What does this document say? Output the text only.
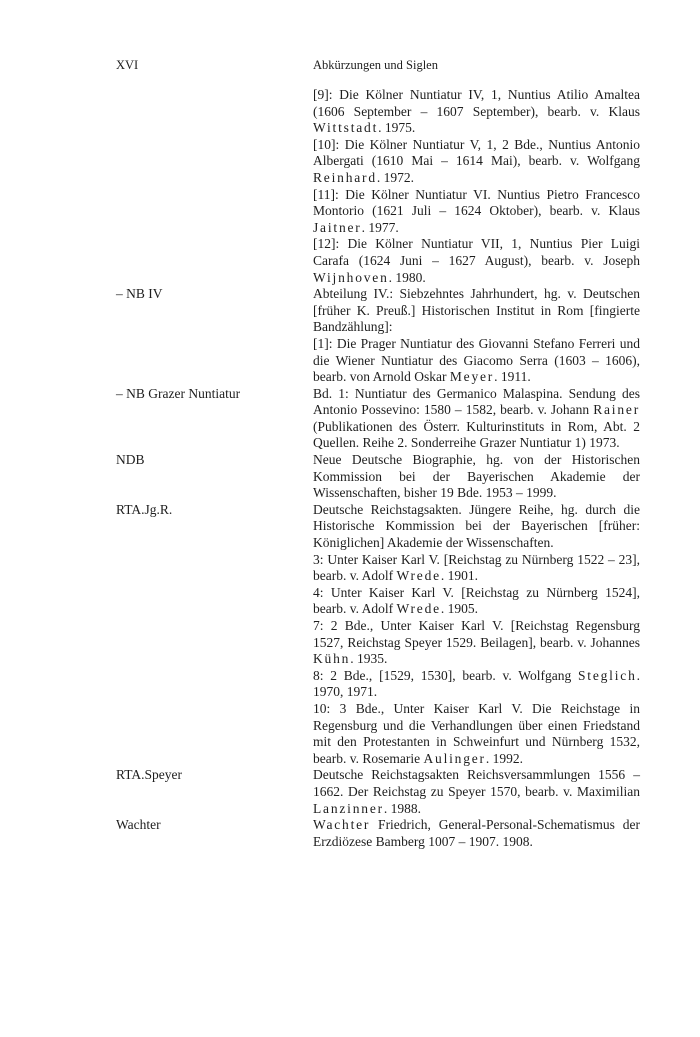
XVI	Abkürzungen und Siglen
[9]: Die Kölner Nuntiatur IV, 1, Nuntius Atilio Amaltea (1606 September – 1607 September), bearb. v. Klaus Wittstadt. 1975.
[10]: Die Kölner Nuntiatur V, 1, 2 Bde., Nuntius Antonio Albergati (1610 Mai – 1614 Mai), bearb. v. Wolfgang Reinhard. 1972.
[11]: Die Kölner Nuntiatur VI. Nuntius Pietro Francesco Montorio (1621 Juli – 1624 Oktober), bearb. v. Klaus Jaitner. 1977.
[12]: Die Kölner Nuntiatur VII, 1, Nuntius Pier Luigi Carafa (1624 Juni – 1627 August), bearb. v. Joseph Wijnhoven. 1980.
– NB IV	Abteilung IV.: Siebzehntes Jahrhundert, hg. v. Deutschen [früher K. Preuß.] Historischen Institut in Rom [fingierte Bandzählung]:
[1]: Die Prager Nuntiatur des Giovanni Stefano Ferreri und die Wiener Nuntiatur des Giacomo Serra (1603 – 1606), bearb. von Arnold Oskar Meyer. 1911.
– NB Grazer Nuntiatur	Bd. 1: Nuntiatur des Germanico Malaspina. Sendung des Antonio Possevino: 1580 – 1582, bearb. v. Johann Rainer (Publikationen des Österr. Kulturinstituts in Rom, Abt. 2 Quellen. Reihe 2. Sonderreihe Grazer Nuntiatur 1) 1973.
NDB	Neue Deutsche Biographie, hg. von der Historischen Kommission bei der Bayerischen Akademie der Wissenschaften, bisher 19 Bde. 1953 – 1999.
RTA.Jg.R.	Deutsche Reichstagsakten. Jüngere Reihe, hg. durch die Historische Kommission bei der Bayerischen [früher: Königlichen] Akademie der Wissenschaften.
3: Unter Kaiser Karl V. [Reichstag zu Nürnberg 1522 – 23], bearb. v. Adolf Wrede. 1901.
4: Unter Kaiser Karl V. [Reichstag zu Nürnberg 1524], bearb. v. Adolf Wrede. 1905.
7: 2 Bde., Unter Kaiser Karl V. [Reichstag Regensburg 1527, Reichstag Speyer 1529. Beilagen], bearb. v. Johannes Kühn. 1935.
8: 2 Bde., [1529, 1530], bearb. v. Wolfgang Steglich. 1970, 1971.
10: 3 Bde., Unter Kaiser Karl V. Die Reichstage in Regensburg und die Verhandlungen über einen Friedstand mit den Protestanten in Schweinfurt und Nürnberg 1532, bearb. v. Rosemarie Aulinger. 1992.
RTA.Speyer	Deutsche Reichstagsakten Reichsversammlungen 1556 – 1662. Der Reichstag zu Speyer 1570, bearb. v. Maximilian Lanzinner. 1988.
Wachter	Wachter Friedrich, General-Personal-Schematismus der Erzdiözese Bamberg 1007 – 1907. 1908.
